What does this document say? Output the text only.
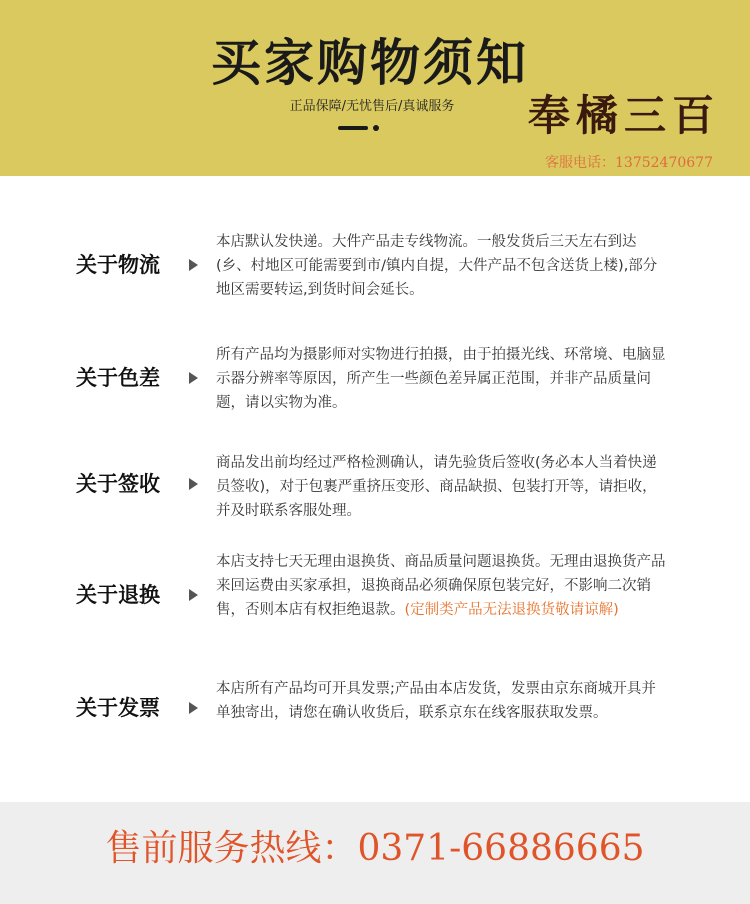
买家购物须知
正品保障/无忧售后/真诚服务	奉橘三百
客服电话：13752470677
关于物流
本店默认发快递。大件产品走专线物流。一般发货后三天左右到达(乡、村地区可能需要到市/镇内自提，大件产品不包含送货上楼),部分地区需要转运,到货时间会延长。
关于色差
所有产品均为摄影师对实物进行拍摄，由于拍摄光线、环常境、电脑显示器分辨率等原因，所产生一些颜色差异属正范围，并非产品质量问题，请以实物为准。
关于签收
商品发出前均经过严格检测确认，请先验货后签收(务必本人当着快递员签收)，对于包裹严重挤压变形、商品缺损、包装打开等，请拒收，并及时联系客服处理。
关于退换
本店支持七天无理由退换货、商品质量问题退换货。无理由退换货产品来回运费由买家承担，退换商品必须确保原包装完好，不影响二次销售，否则本店有权拒绝退款。(定制类产品无法退换货敬请谅解)
关于发票
本店所有产品均可开具发票;产品由本店发货，发票由京东商城开具并单独寄出，请您在确认收货后，联系京东在线客服获取发票。
售前服务热线：0371-66886665
